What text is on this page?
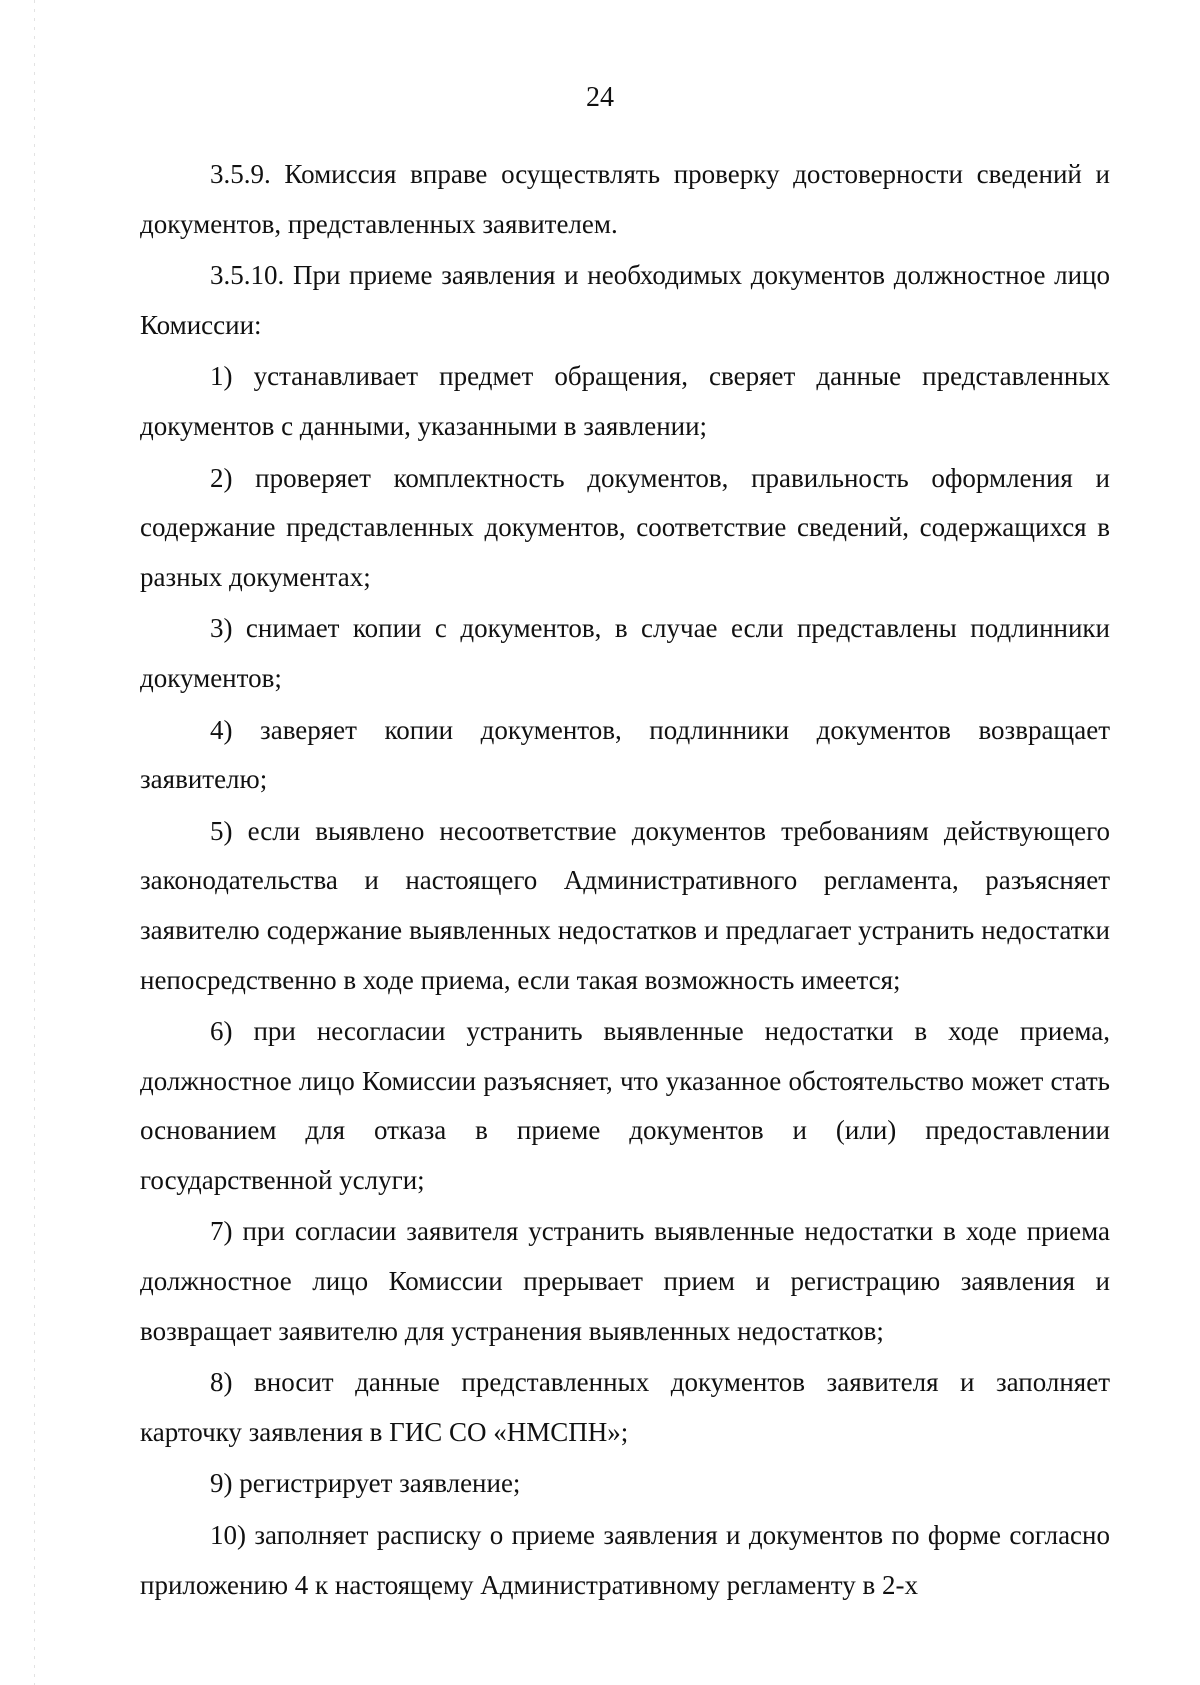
24

3.5.9. Комиссия вправе осуществлять проверку достоверности сведений и документов, представленных заявителем.

3.5.10. При приеме заявления и необходимых документов должностное лицо Комиссии:

1) устанавливает предмет обращения, сверяет данные представленных документов с данными, указанными в заявлении;

2) проверяет комплектность документов, правильность оформления и содержание представленных документов, соответствие сведений, содержащихся в разных документах;

3) снимает копии с документов, в случае если представлены подлинники документов;

4) заверяет копии документов, подлинники документов возвращает заявителю;

5) если выявлено несоответствие документов требованиям действующего законодательства и настоящего Административного регламента, разъясняет заявителю содержание выявленных недостатков и предлагает устранить недостатки непосредственно в ходе приема, если такая возможность имеется;

6) при несогласии устранить выявленные недостатки в ходе приема, должностное лицо Комиссии разъясняет, что указанное обстоятельство может стать основанием для отказа в приеме документов и (или) предоставлении государственной услуги;

7) при согласии заявителя устранить выявленные недостатки в ходе приема должностное лицо Комиссии прерывает прием и регистрацию заявления и возвращает заявителю для устранения выявленных недостатков;

8) вносит данные представленных документов заявителя и заполняет карточку заявления в ГИС СО «НМСПН»;

9) регистрирует заявление;

10) заполняет расписку о приеме заявления и документов по форме согласно приложению 4 к настоящему Административному регламенту в 2-х
